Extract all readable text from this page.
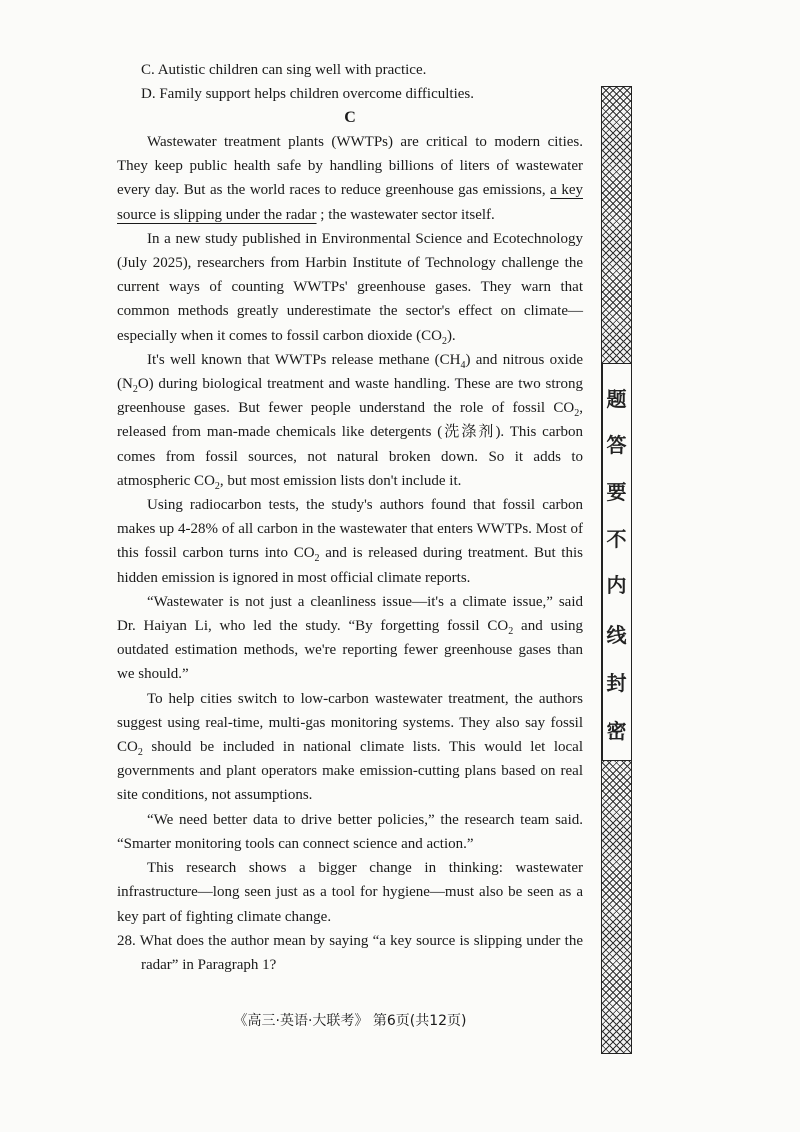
C. Autistic children can sing well with practice.
D. Family support helps children overcome difficulties.
C

Wastewater treatment plants (WWTPs) are critical to modern cities. They keep public health safe by handling billions of liters of wastewater every day. But as the world races to reduce greenhouse gas emissions, a key source is slipping under the radar ; the wastewater sector itself.

In a new study published in Environmental Science and Ecotechnology (July 2025), researchers from Harbin Institute of Technology challenge the current ways of counting WWTPs' greenhouse gases. They warn that common methods greatly underestimate the sector's effect on climate—especially when it comes to fossil carbon dioxide $(CO_2)$.

It's well known that WWTPs release methane $(CH_4)$ and nitrous oxide $(N_2O)$ during biological treatment and waste handling. These are two strong greenhouse gases. But fewer people understand the role of fossil $CO_2$, released from man-made chemicals like detergents (洗涤剂). This carbon comes from fossil sources, not natural broken down. So it adds to atmospheric $CO_2$, but most emission lists don't include it.

Using radiocarbon tests, the study's authors found that fossil carbon makes up 4-28% of all carbon in the wastewater that enters WWTPs. Most of this fossil carbon turns into $CO_2$ and is released during treatment. But this hidden emission is ignored in most official climate reports.

“Wastewater is not just a cleanliness issue—it's a climate issue,” said Dr. Haiyan Li, who led the study. “By forgetting fossil $CO_2$ and using outdated estimation methods, we're reporting fewer greenhouse gases than we should.”

To help cities switch to low-carbon wastewater treatment, the authors suggest using real-time, multi-gas monitoring systems. They also say fossil $CO_2$ should be included in national climate lists. This would let local governments and plant operators make emission-cutting plans based on real site conditions, not assumptions.

“We need better data to drive better policies,” the research team said. “Smarter monitoring tools can connect science and action.”

This research shows a bigger change in thinking: wastewater infrastructure—long seen just as a tool for hygiene—must also be seen as a key part of fighting climate change.

28. What does the author mean by saying “a key source is slipping under the radar” in Paragraph 1?

《高三·英语·大联考》 第6页(共12页)
题
答
要
不
内
线
封
密
